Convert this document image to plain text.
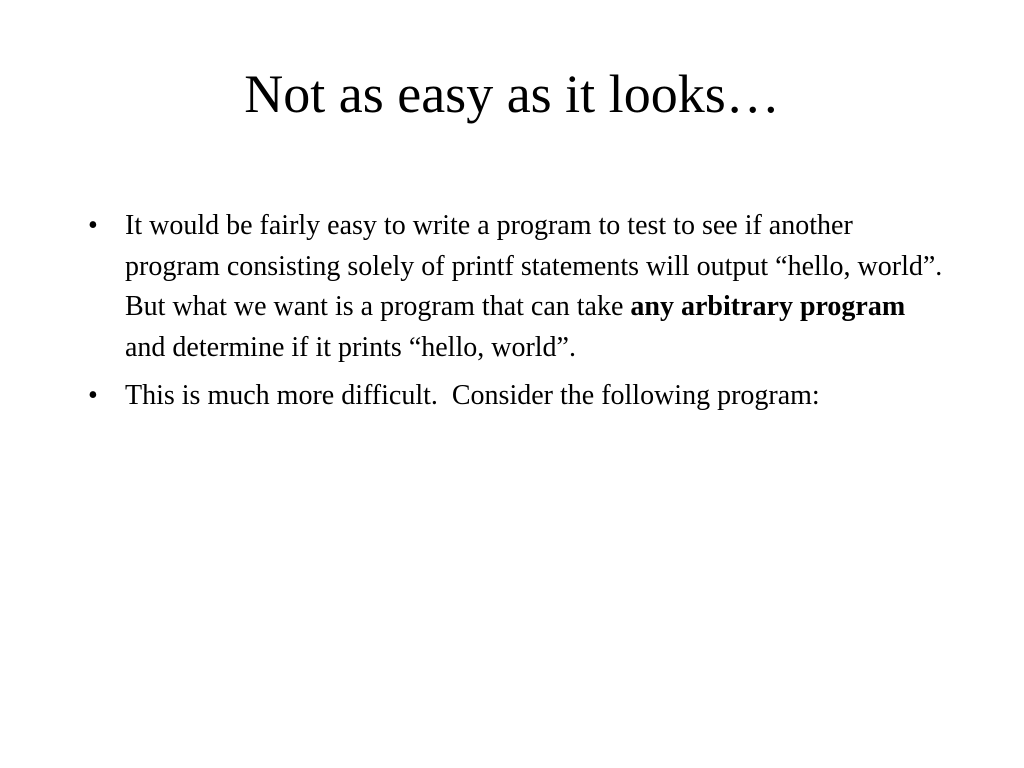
Not as easy as it looks…
• It would be fairly easy to write a program to test to see if another program consisting solely of printf statements will output “hello, world”.   But what we want is a program that can take any arbitrary program and determine if it prints “hello, world”.
• This is much more difficult.  Consider the following program:
